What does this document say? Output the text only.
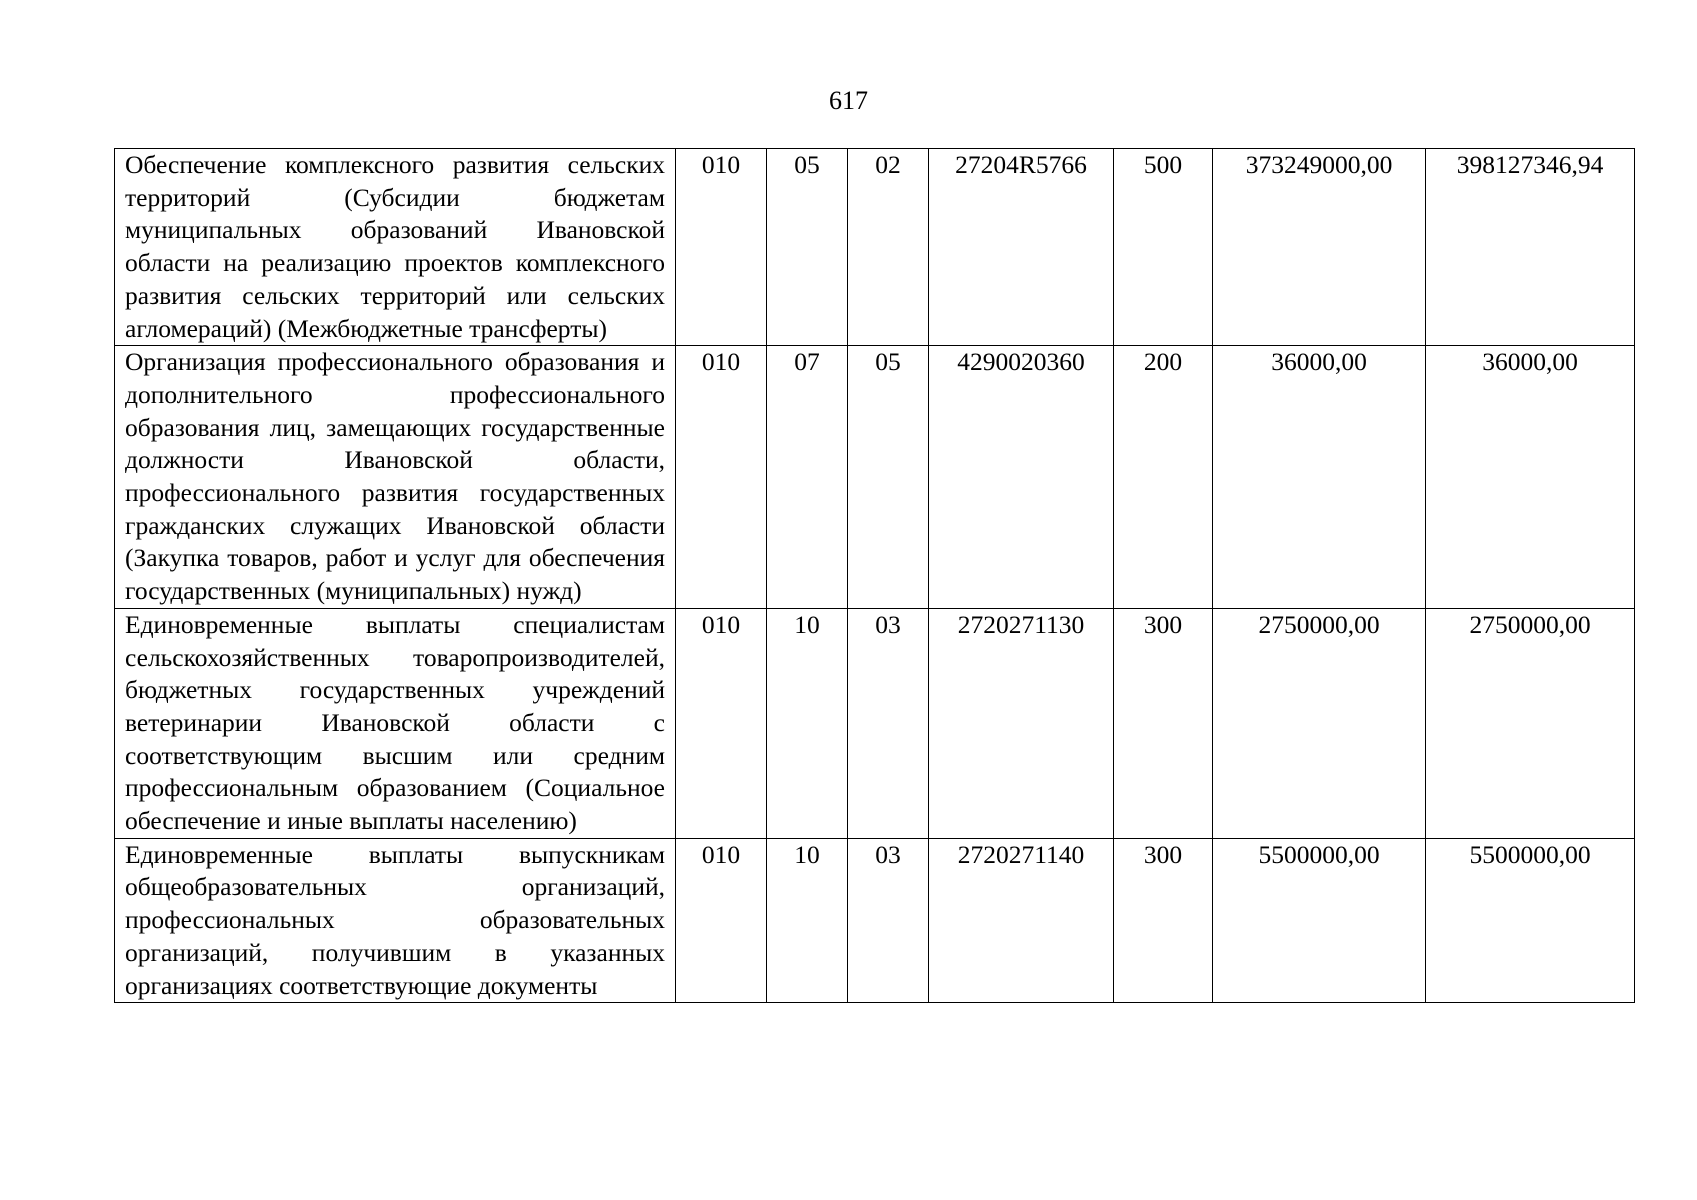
617
Обеспечение комплексного развития сельских территорий (Субсидии бюджетам муниципальных образований Ивановской области на реализацию проектов комплексного развития сельских территорий или сельских агломераций) (Межбюджетные трансферты)	010	05	02	27204R5766	500	373249000,00	398127346,94
Организация профессионального образования и дополнительного профессионального образования лиц, замещающих государственные должности Ивановской области, профессионального развития государственных гражданских служащих Ивановской области (Закупка товаров, работ и услуг для обеспечения государственных (муниципальных) нужд)	010	07	05	4290020360	200	36000,00	36000,00
Единовременные выплаты специалистам сельскохозяйственных товаропроизводителей, бюджетных государственных учреждений ветеринарии Ивановской области с соответствующим высшим или средним профессиональным образованием (Социальное обеспечение и иные выплаты населению)	010	10	03	2720271130	300	2750000,00	2750000,00
Единовременные выплаты выпускникам общеобразовательных организаций, профессиональных образовательных организаций, получившим в указанных организациях соответствующие документы	010	10	03	2720271140	300	5500000,00	5500000,00
